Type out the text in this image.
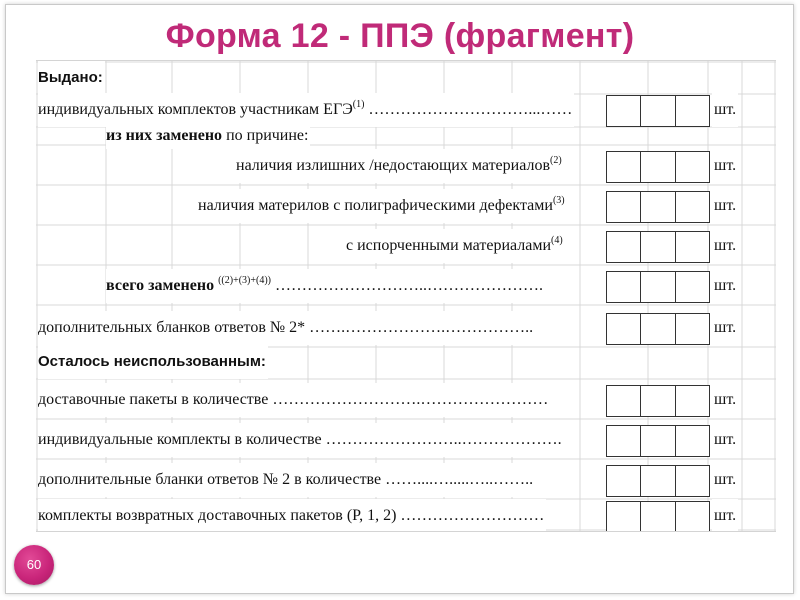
Форма 12 - ППЭ (фрагмент)
Выдано:
индивидуальных комплектов участникам ЕГЭ$^{(1)}$ …………………………...……	шт.
из них заменено по причине:
наличия излишних /недостающих материалов$^{(2)}$	шт.
наличия материлов с полиграфическими дефектами$^{(3)}$	шт.
с испорченными материалами$^{(4)}$	шт.
всего заменено $^{((2)+(3)+(4))}$ ………………………..………………….	шт.
дополнительных бланков ответов № 2* …….……………….……………..	шт.
Осталось неиспользованным:
доставочные пакеты в количестве ……………………….……………………	шт.
индивидуальные комплекты в количестве ……………………..……………….	шт.
дополнительные бланки ответов № 2 в количестве ……....….....…..……..	шт.
комплекты возвратных доставочных пакетов (Р, 1, 2) ………………………	шт.
60
